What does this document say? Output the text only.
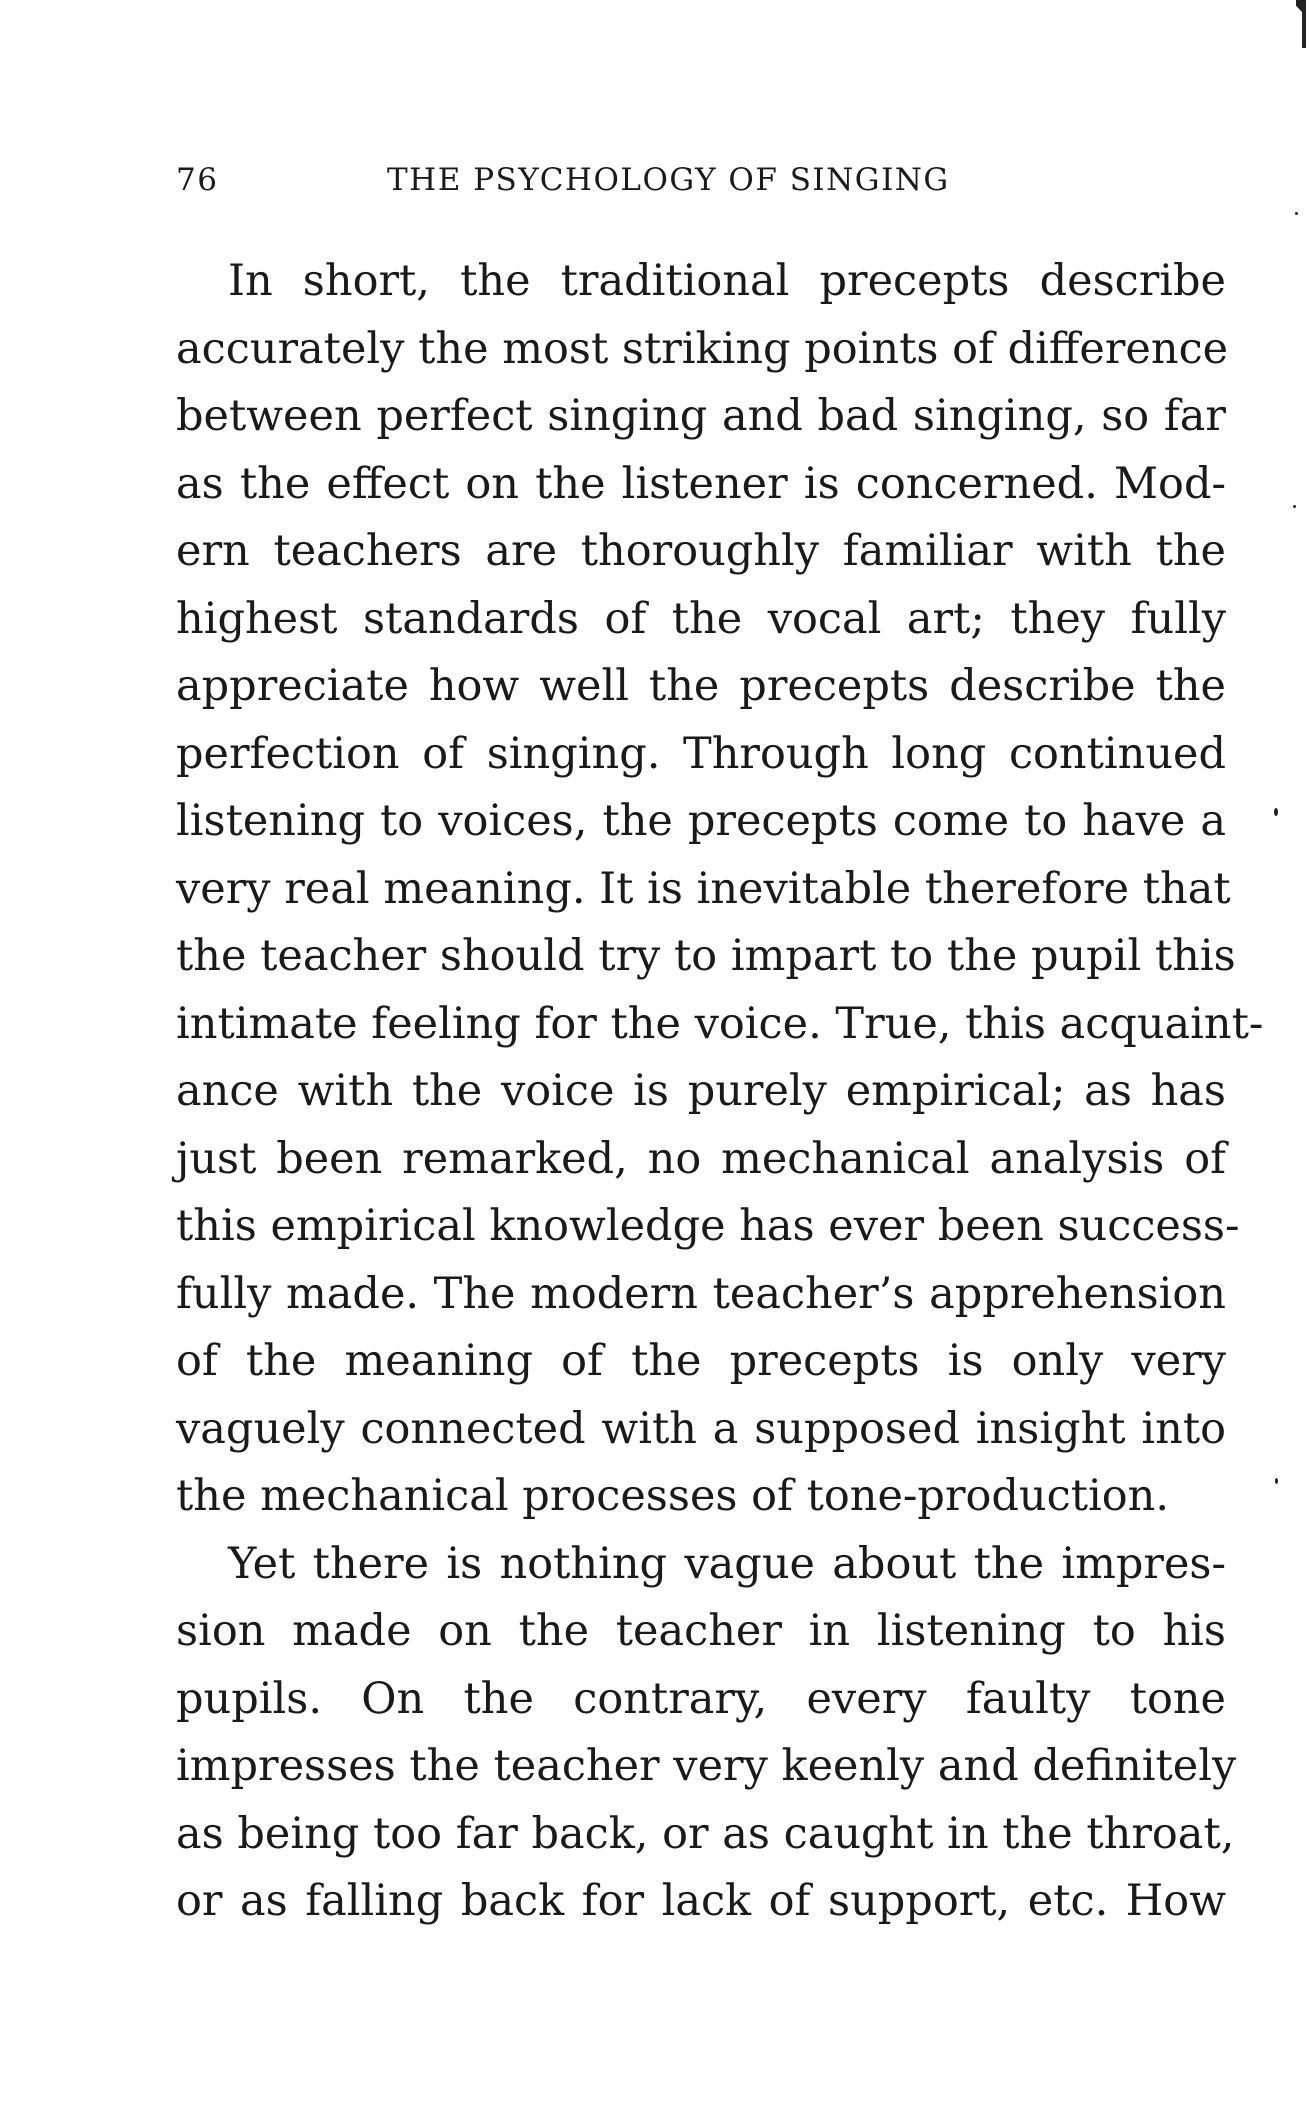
76	THE PSYCHOLOGY OF SINGING
In short, the traditional precepts describe
accurately the most striking points of difference
between perfect singing and bad singing, so far
as the effect on the listener is concerned. Mod-
ern teachers are thoroughly familiar with the
highest standards of the vocal art; they fully
appreciate how well the precepts describe the
perfection of singing. Through long continued
listening to voices, the precepts come to have a
very real meaning. It is inevitable therefore that
the teacher should try to impart to the pupil this
intimate feeling for the voice. True, this acquaint-
ance with the voice is purely empirical; as has
just been remarked, no mechanical analysis of
this empirical knowledge has ever been success-
fully made. The modern teacher’s apprehension
of the meaning of the precepts is only very
vaguely connected with a supposed insight into
the mechanical processes of tone-production.
Yet there is nothing vague about the impres-
sion made on the teacher in listening to his
pupils. On the contrary, every faulty tone
impresses the teacher very keenly and definitely
as being too far back, or as caught in the throat,
or as falling back for lack of support, etc. How
